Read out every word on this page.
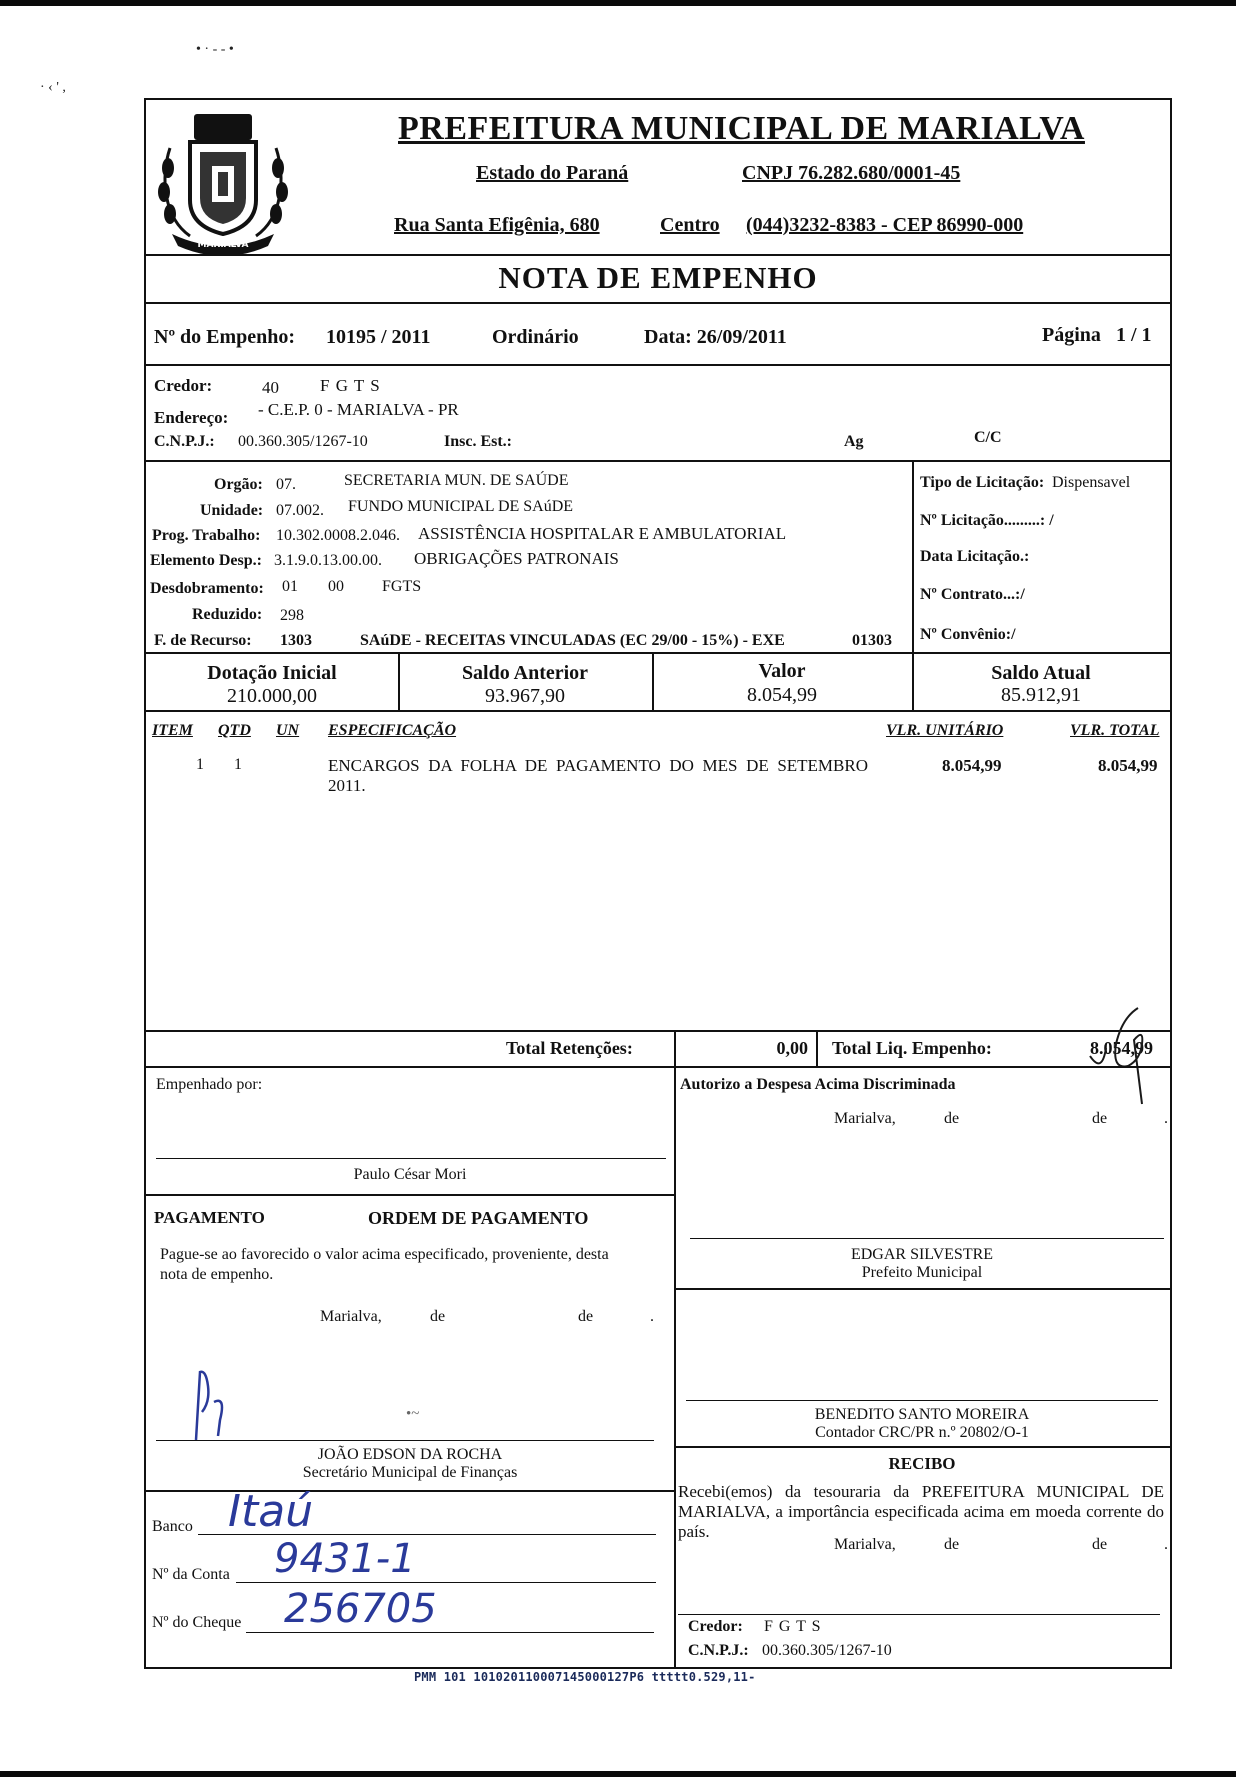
• · - - •
· ‹ ' ,
MARIALVA
PREFEITURA MUNICIPAL DE MARIALVA
Estado do Paraná	CNPJ 76.282.680/0001-45
Rua Santa Efigênia, 680	Centro (044)3232-8383 - CEP 86990-000
NOTA DE EMPENHO
Nº do Empenho: 10195 / 2011	Ordinário	Data: 26/09/2011	Página 1 / 1
Credor:	40 F G T S
Endereço: - C.E.P. 0 - MARIALVA - PR
C.N.P.J.: 00.360.305/1267-10	Insc. Est.:	Ag	C/C
Orgão: 07.	SECRETARIA MUN. DE SAÚDE
Unidade: 07.002. FUNDO MUNICIPAL DE SAúDE
Prog. Trabalho: 10.302.0008.2.046. ASSISTÊNCIA HOSPITALAR E AMBULATORIAL
Elemento Desp.: 3.1.9.0.13.00.00. OBRIGAÇÕES PATRONAIS
Desdobramento: 01 00 FGTS
Reduzido: 298
F. de Recurso: 1303	SAúDE - RECEITAS VINCULADAS (EC 29/00 - 15%) - EXE	01303
Tipo de Licitação: Dispensavel
Nº Licitação.........: /
Data Licitação.:
Nº Contrato...:/
Nº Convênio:/
Dotação Inicial
210.000,00
Saldo Anterior
93.967,90
Valor
8.054,99
Saldo Atual
85.912,91
ITEM QTD UN ESPECIFICAÇÃO	VLR. UNITÁRIO	VLR. TOTAL
1 1	ENCARGOS DA FOLHA DE PAGAMENTO DO MES DE SETEMBRO
2011.
8.054,99	8.054,99
Total Retenções:	0,00 Total Liq. Empenho:	8.054,99
Empenhado por:
Paulo César Mori
PAGAMENTO	ORDEM DE PAGAMENTO
Pague-se ao favorecido o valor acima especificado, proveniente, desta
nota de empenho.
Marialva,	de	de	.
•~
JOÃO EDSON DA ROCHA
Secretário Municipal de Finanças
Banco Itaú
Nº da Conta 9431-1
Nº do Cheque 256705
Autorizo a Despesa Acima Discriminada
Marialva,	de	de	.
EDGAR SILVESTRE
Prefeito Municipal
BENEDITO SANTO MOREIRA
Contador CRC/PR n.º 20802/O-1
RECIBO
Recebi(emos) da tesouraria da PREFEITURA MUNICIPAL DE
MARIALVA, a importância especificada acima em moeda corrente do
país.
Marialva,	de	de	.
Credor: F G T S
C.N.P.J.: 00.360.305/1267-10
PMM 101 101020110007145000127P6 ttttt0.529,11-
